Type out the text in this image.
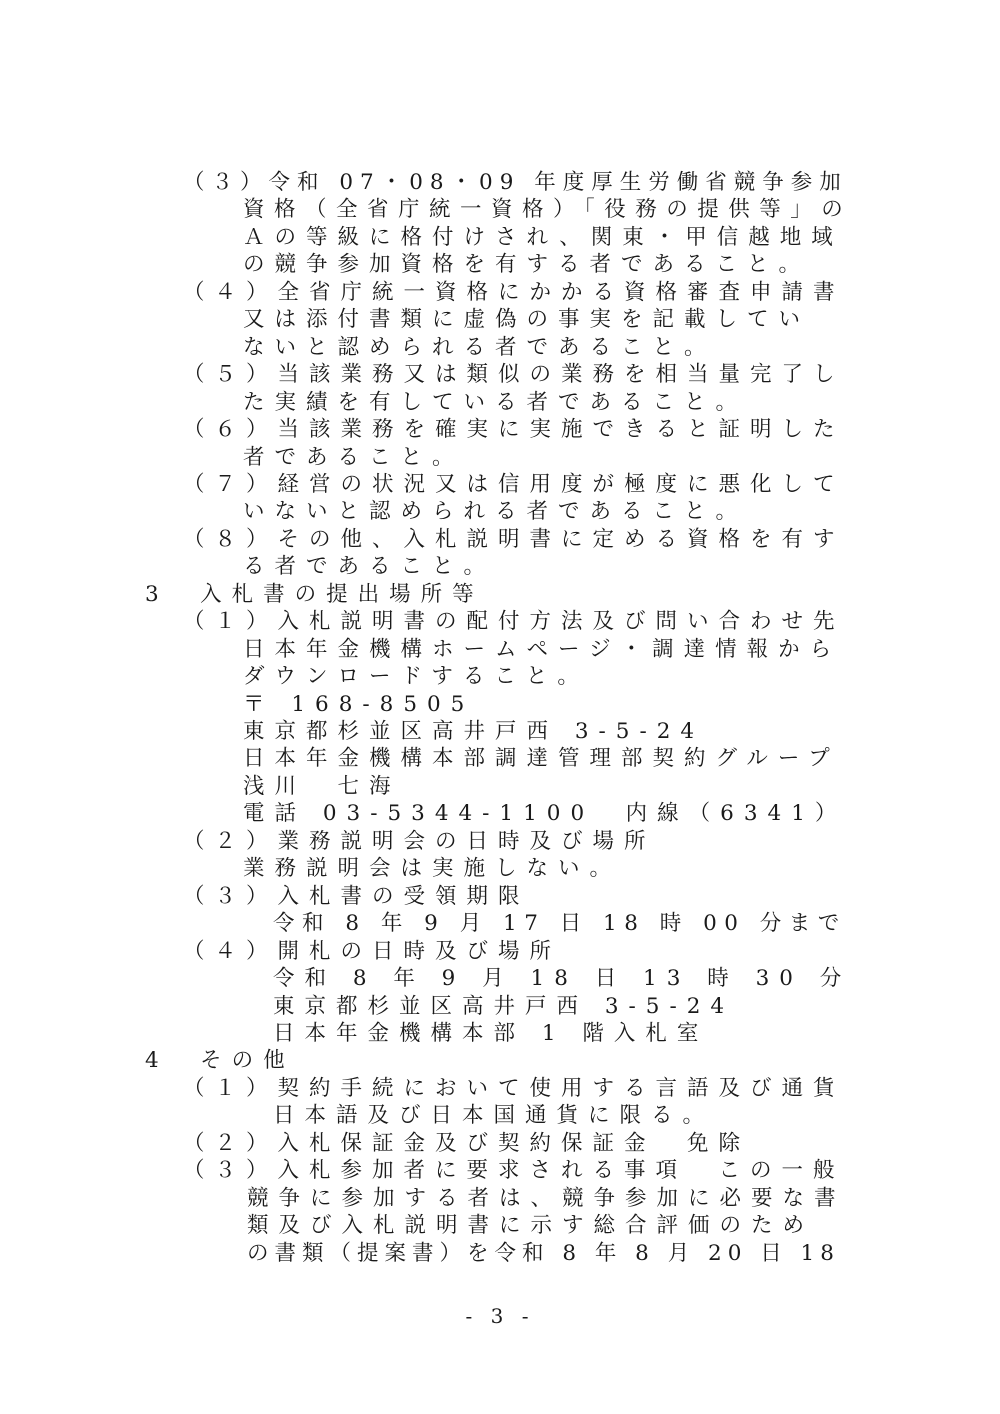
（３）令和 07・08・09 年度厚生労働省競争参加
資格（全省庁統一資格）「役務の提供等」の
Ａの等級に格付けされ、関東・甲信越地域
の競争参加資格を有する者であること。
（４）全省庁統一資格にかかる資格審査申請書
又は添付書類に虚偽の事実を記載してい
ないと認められる者であること。
（５）当該業務又は類似の業務を相当量完了し
た実績を有している者であること。
（６）当該業務を確実に実施できると証明した
者であること。
（７）経営の状況又は信用度が極度に悪化して
いないと認められる者であること。
（８）その他、入札説明書に定める資格を有す
る者であること。
3　入札書の提出場所等
（１）入札説明書の配付方法及び問い合わせ先
日本年金機構ホームページ・調達情報から
ダウンロードすること。
〒 168-8505
東京都杉並区高井戸西 3-5-24
日本年金機構本部調達管理部契約グループ
浅川　七海
電話 03-5344-1100　内線（6341）
（２）業務説明会の日時及び場所
業務説明会は実施しない。
（３）入札書の受領期限
令和 8 年 9 月 17 日 18 時 00 分まで
（４）開札の日時及び場所
令和 8 年 9 月 18 日 13 時 30 分
東京都杉並区高井戸西 3-5-24
日本年金機構本部 1 階入札室
4　その他
（１）契約手続において使用する言語及び通貨
日本語及び日本国通貨に限る。
（２）入札保証金及び契約保証金　免除
（３）入札参加者に要求される事項　この一般
競争に参加する者は、競争参加に必要な書
類及び入札説明書に示す総合評価のため
の書類（提案書）を令和 8 年 8 月 20 日 18
- 3 -
